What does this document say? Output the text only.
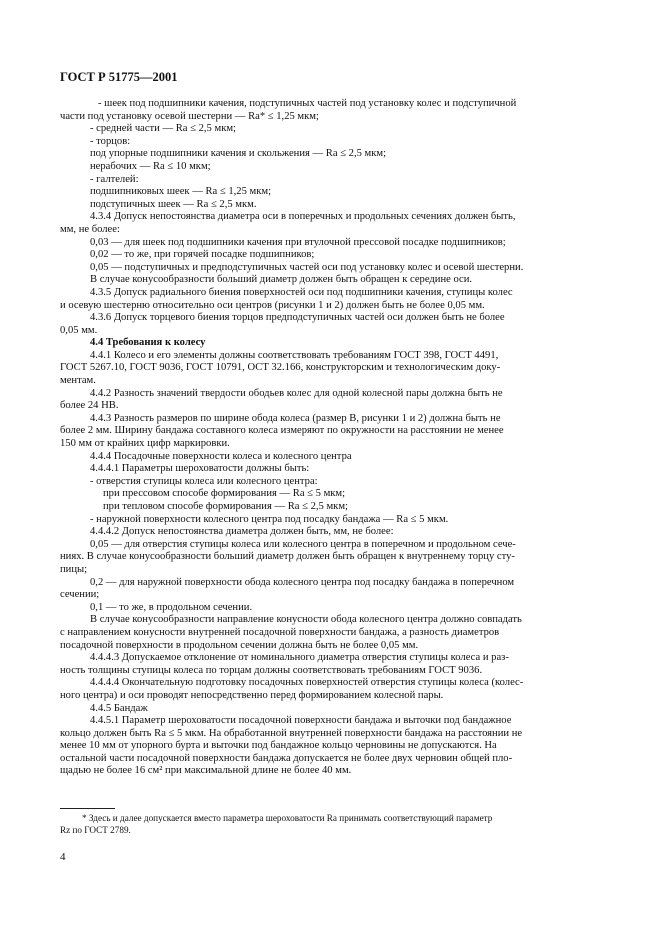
ГОСТ Р 51775—2001

- шеек под подшипники качения, подступичных частей под установку колес и подступичной

части под установку осевой шестерни — Ra* ≤ 1,25 мкм;

- средней части — Ra ≤ 2,5 мкм;

- торцов:

под упорные подшипники качения и скольжения — Ra ≤ 2,5 мкм;

нерабочих — Ra ≤ 10 мкм;

- галтелей:

подшипниковых шеек — Ra ≤ 1,25 мкм;

подступичных шеек — Ra ≤ 2,5 мкм.

4.3.4 Допуск непостоянства диаметра оси в поперечных и продольных сечениях должен быть,

мм, не более:

0,03 — для шеек под подшипники качения при втулочной прессовой посадке подшипников;

0,02 — то же, при горячей посадке подшипников;

0,05 — подступичных и предподступичных частей оси под установку колес и осевой шестерни.

В случае конусообразности больший диаметр должен быть обращен к середине оси.

4.3.5 Допуск радиального биения поверхностей оси под подшипники качения, ступицы колес

и осевую шестерню относительно оси центров (рисунки 1 и 2) должен быть не более 0,05 мм.

4.3.6 Допуск торцевого биения торцов предподступичных частей оси должен быть не более

0,05 мм.

4.4 Требования к колесу

4.4.1 Колесо и его элементы должны соответствовать требованиям ГОСТ 398, ГОСТ 4491,

ГОСТ 5267.10, ГОСТ 9036, ГОСТ 10791, ОСТ 32.166, конструкторским и технологическим доку-

ментам.

4.4.2 Разность значений твердости ободьев колес для одной колесной пары должна быть не

более 24 НВ.

4.4.3 Разность размеров по ширине обода колеса (размер B, рисунки 1 и 2) должна быть не

более 2 мм. Ширину бандажа составного колеса измеряют по окружности на расстоянии не менее

150 мм от крайних цифр маркировки.

4.4.4 Посадочные поверхности колеса и колесного центра

4.4.4.1 Параметры шероховатости должны быть:

- отверстия ступицы колеса или колесного центра:

при прессовом способе формирования — Ra ≤ 5 мкм;

при тепловом способе формирования — Ra ≤ 2,5 мкм;

- наружной поверхности колесного центра под посадку бандажа — Ra ≤ 5 мкм.

4.4.4.2 Допуск непостоянства диаметра должен быть, мм, не более:

0,05 — для отверстия ступицы колеса или колесного центра в поперечном и продольном сече-

ниях. В случае конусообразности больший диаметр должен быть обращен к внутреннему торцу сту-

пицы;

0,2 — для наружной поверхности обода колесного центра под посадку бандажа в поперечном

сечении;

0,1 — то же, в продольном сечении.

В случае конусообразности направление конусности обода колесного центра должно совпадать

с направлением конусности внутренней посадочной поверхности бандажа, а разность диаметров

посадочной поверхности в продольном сечении должна быть не более 0,05 мм.

4.4.4.3 Допускаемое отклонение от номинального диаметра отверстия ступицы колеса и раз-

ность толщины ступицы колеса по торцам должны соответствовать требованиям ГОСТ 9036.

4.4.4.4 Окончательную подготовку посадочных поверхностей отверстия ступицы колеса (колес-

ного центра) и оси проводят непосредственно перед формированием колесной пары.

4.4.5 Бандаж

4.4.5.1 Параметр шероховатости посадочной поверхности бандажа и выточки под бандажное

кольцо должен быть Ra ≤ 5 мкм. На обработанной внутренней поверхности бандажа на расстоянии не

менее 10 мм от упорного бурта и выточки под бандажное кольцо черновины не допускаются. На

остальной части посадочной поверхности бандажа допускается не более двух черновин общей пло-

щадью не более 16 см² при максимальной длине не более 40 мм.

* Здесь и далее допускается вместо параметра шероховатости Ra принимать соответствующий параметр

Rz по ГОСТ 2789.

4
